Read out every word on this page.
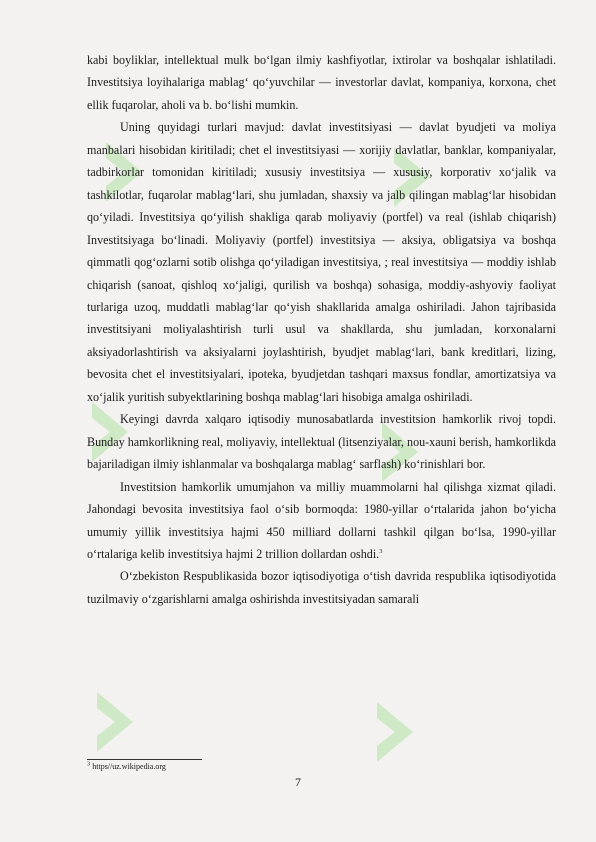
kabi boyliklar, intellektual mulk boʻlgan ilmiy kashfiyotlar, ixtirolar va boshqalar ishlatiladi. Investitsiya loyihalariga mablagʻ qoʻyuvchilar — investorlar davlat, kompaniya, korxona, chet ellik fuqarolar, aholi va b. boʻlishi mumkin.

Uning quyidagi turlari mavjud: davlat investitsiyasi — davlat byudjeti va moliya manbalari hisobidan kiritiladi; chet el investitsiyasi — xorijiy davlatlar, banklar, kompaniyalar, tadbirkorlar tomonidan kiritiladi; xususiy investitsiya — xususiy, korporativ xoʻjalik va tashkilotlar, fuqarolar mablagʻlari, shu jumladan, shaxsiy va jalb qilingan mablagʻlar hisobidan qoʻyiladi. Investitsiya qoʻyilish shakliga qarab moliyaviy (portfel) va real (ishlab chiqarish) Investitsiyaga boʻlinadi. Moliyaviy (portfel) investitsiya — aksiya, obligatsiya va boshqa qimmatli qogʻozlarni sotib olishga qoʻyiladigan investitsiya, ; real investitsiya — moddiy ishlab chiqarish (sanoat, qishloq xoʻjaligi, qurilish va boshqa) sohasiga, moddiy-ashyoviy faoliyat turlariga uzoq, muddatli mablagʻlar qoʻyish shakllarida amalga oshiriladi. Jahon tajribasida investitsiyani moliyalashtirish turli usul va shakllarda, shu jumladan, korxonalarni aksiyadorlashtirish va aksiyalarni joylashtirish, byudjet mablagʻlari, bank kreditlari, lizing, bevosita chet el investitsiyalari, ipoteka, byudjetdan tashqari maxsus fondlar, amortizatsiya va xoʻjalik yuritish subyektlarining boshqa mablagʻlari hisobiga amalga oshiriladi.

Keyingi davrda xalqaro iqtisodiy munosabatlarda investitsion hamkorlik rivoj topdi. Bunday hamkorlikning real, moliyaviy, intellektual (litsenziyalar, nou-xauni berish, hamkorlikda bajariladigan ilmiy ishlanmalar va boshqalarga mablagʻ sarflash) koʻrinishlari bor.

Investitsion hamkorlik umumjahon va milliy muammolarni hal qilishga xizmat qiladi. Jahondagi bevosita investitsiya faol oʻsib bormoqda: 1980-yillar oʻrtalarida jahon boʻyicha umumiy yillik investitsiya hajmi 450 milliard dollarni tashkil qilgan boʻlsa, 1990-yillar oʻrtalariga kelib investitsiya hajmi 2 trillion dollardan oshdi.$^3$

Oʻzbekiston Respublikasida bozor iqtisodiyotiga oʻtish davrida respublika iqtisodiyotida tuzilmaviy oʻzgarishlarni amalga oshirishda investitsiyadan samarali

$^3$ https//uz.wikipedia.org
7
